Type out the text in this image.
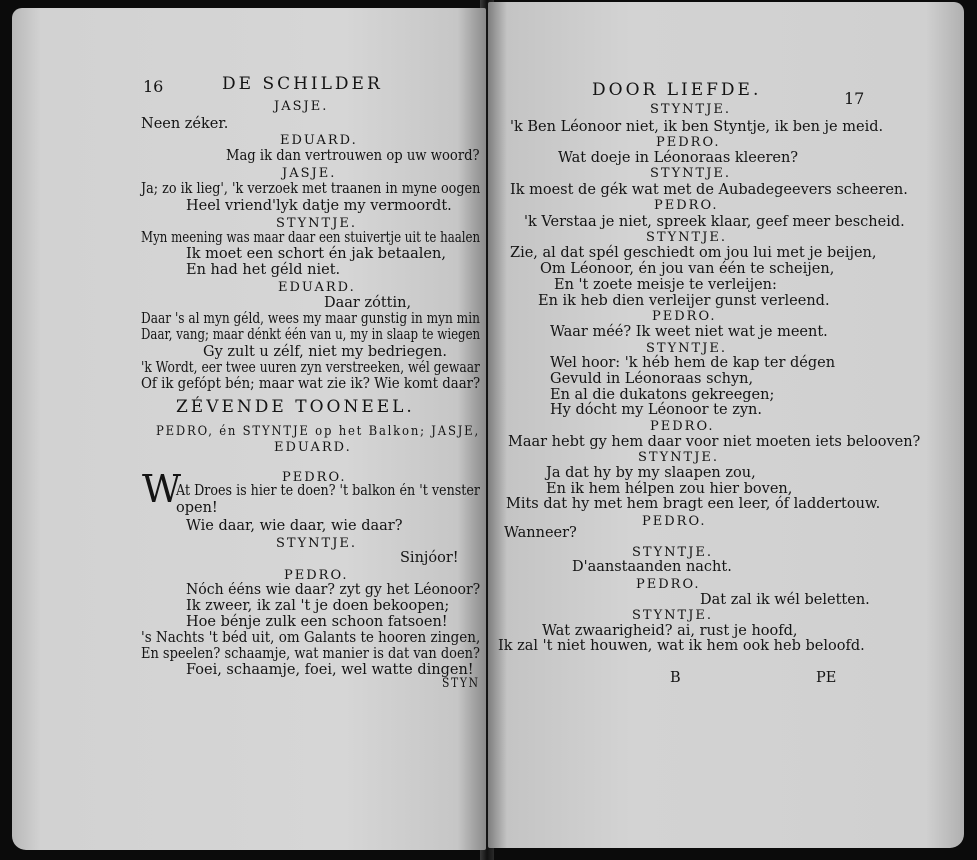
16	DE SCHILDER
JASJE.
Neen zéker.
EDUARD.
Mag ik dan vertrouwen op uw woord?
JASJE.
Ja; zo ik lieg', 'k verzoek met traanen in myne oogen
Heel vriend'lyk datje my vermoordt.
STYNTJE.
Myn meening was maar daar een stuivertje uit te haalen
Ik moet een schort én jak betaalen,
En had het géld niet.
EDUARD.
Daar zóttin,
Daar 's al myn géld, wees my maar gunstig in myn min
Daar, vang; maar dénkt één van u, my in slaap te wiegen
Gy zult u zélf, niet my bedriegen.
'k Wordt, eer twee uuren zyn verstreeken, wél gewaar
Of ik gefópt bén; maar wat zie ik? Wie komt daar?
ZÉVENDE TOONEEL.
PEDRO, én STYNTJE op het Balkon; JASJE,
EDUARD.
PEDRO.
W
At Droes is hier te doen? 't balkon én 't venster
open!
Wie daar, wie daar, wie daar?
STYNTJE.
Sinjóor!
PEDRO.
Nóch ééns wie daar? zyt gy het Léonoor?
Ik zweer, ik zal 't je doen bekoopen;
Hoe bénje zulk een schoon fatsoen!
's Nachts 't béd uit, om Galants te hooren zingen,
En speelen? schaamje, wat manier is dat van doen?
Foei, schaamje, foei, wel watte dingen!
STYN
DOOR LIEFDE.	17
STYNTJE.
'k Ben Léonoor niet, ik ben Styntje, ik ben je meid.
PEDRO.
Wat doeje in Léonoraas kleeren?
STYNTJE.
Ik moest de gék wat met de Aubadegeevers scheeren.
PEDRO.
'k Verstaa je niet, spreek klaar, geef meer bescheid.
STYNTJE.
Zie, al dat spél geschiedt om jou lui met je beijen,
Om Léonoor, én jou van één te scheijen,
En 't zoete meisje te verleijen:
En ik heb dien verleijer gunst verleend.
PEDRO.
Waar méé? Ik weet niet wat je meent.
STYNTJE.
Wel hoor: 'k héb hem de kap ter dégen
Gevuld in Léonoraas schyn,
En al die dukatons gekreegen;
Hy dócht my Léonoor te zyn.
PEDRO.
Maar hebt gy hem daar voor niet moeten iets belooven?
STYNTJE.
Ja dat hy by my slaapen zou,
En ik hem hélpen zou hier boven,
Mits dat hy met hem bragt een leer, óf laddertouw.
PEDRO.
Wanneer?
STYNTJE.
D'aanstaanden nacht.
PEDRO.
Dat zal ik wél beletten.
STYNTJE.
Wat zwaarigheid? ai, rust je hoofd,
Ik zal 't niet houwen, wat ik hem ook heb beloofd.
B	PE
